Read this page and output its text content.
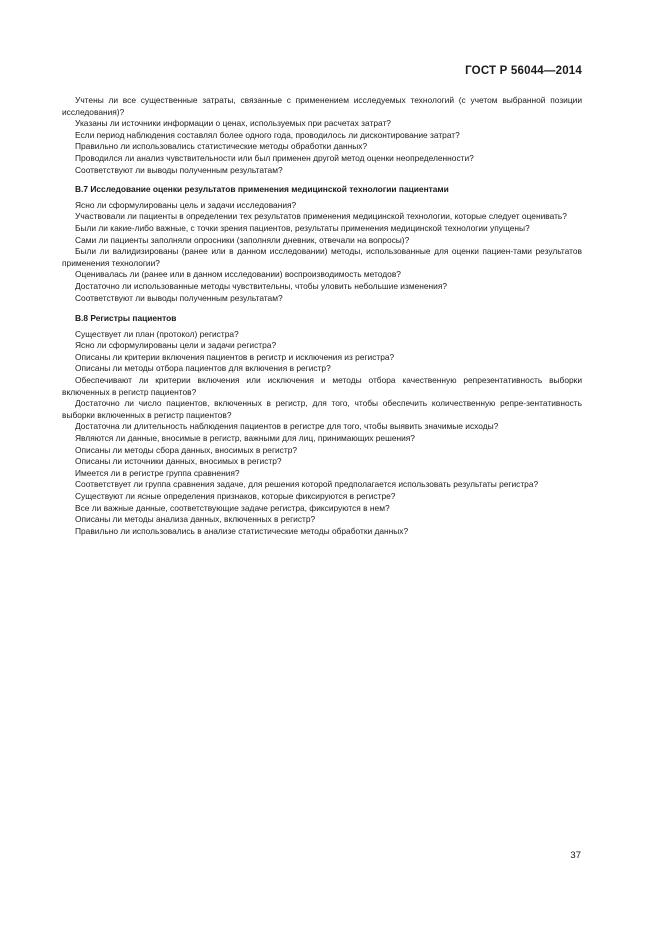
ГОСТ Р 56044—2014

Учтены ли все существенные затраты, связанные с применением исследуемых технологий (с учетом выбранной позиции исследования)?

Указаны ли источники информации о ценах, используемых при расчетах затрат?

Если период наблюдения составлял более одного года, проводилось ли дисконтирование затрат?

Правильно ли использовались статистические методы обработки данных?

Проводился ли анализ чувствительности или был применен другой метод оценки неопределенности?

Соответствуют ли выводы полученным результатам?

В.7 Исследование оценки результатов применения медицинской технологии пациентами

Ясно ли сформулированы цель и задачи исследования?

Участвовали ли пациенты в определении тех результатов применения медицинской технологии, которые следует оценивать?

Были ли какие-либо важные, с точки зрения пациентов, результаты применения медицинской технологии упущены?

Сами ли пациенты заполняли опросники (заполняли дневник, отвечали на вопросы)?

Были ли валидизированы (ранее или в данном исследовании) методы, использованные для оценки пациен-тами результатов применения технологии?

Оценивалась ли (ранее или в данном исследовании) воспроизводимость методов?

Достаточно ли использованные методы чувствительны, чтобы уловить небольшие изменения?

Соответствуют ли выводы полученным результатам?

В.8 Регистры пациентов

Существует ли план (протокол) регистра?

Ясно ли сформулированы цели и задачи регистра?

Описаны ли критерии включения пациентов в регистр и исключения из регистра?

Описаны ли методы отбора пациентов для включения в регистр?

Обеспечивают ли критерии включения или исключения и методы отбора качественную репрезентативность выборки включенных в регистр пациентов?

Достаточно ли число пациентов, включенных в регистр, для того, чтобы обеспечить количественную репре-зентативность выборки включенных в регистр пациентов?

Достаточна ли длительность наблюдения пациентов в регистре для того, чтобы выявить значимые исходы?

Являются ли данные, вносимые в регистр, важными для лиц, принимающих решения?

Описаны ли методы сбора данных, вносимых в регистр?

Описаны ли источники данных, вносимых в регистр?

Имеется ли в регистре группа сравнения?

Соответствует ли группа сравнения задаче, для решения которой предполагается использовать результаты регистра?

Существуют ли ясные определения признаков, которые фиксируются в регистре?

Все ли важные данные, соответствующие задаче регистра, фиксируются в нем?

Описаны ли методы анализа данных, включенных в регистр?

Правильно ли использовались в анализе статистические методы обработки данных?

37
